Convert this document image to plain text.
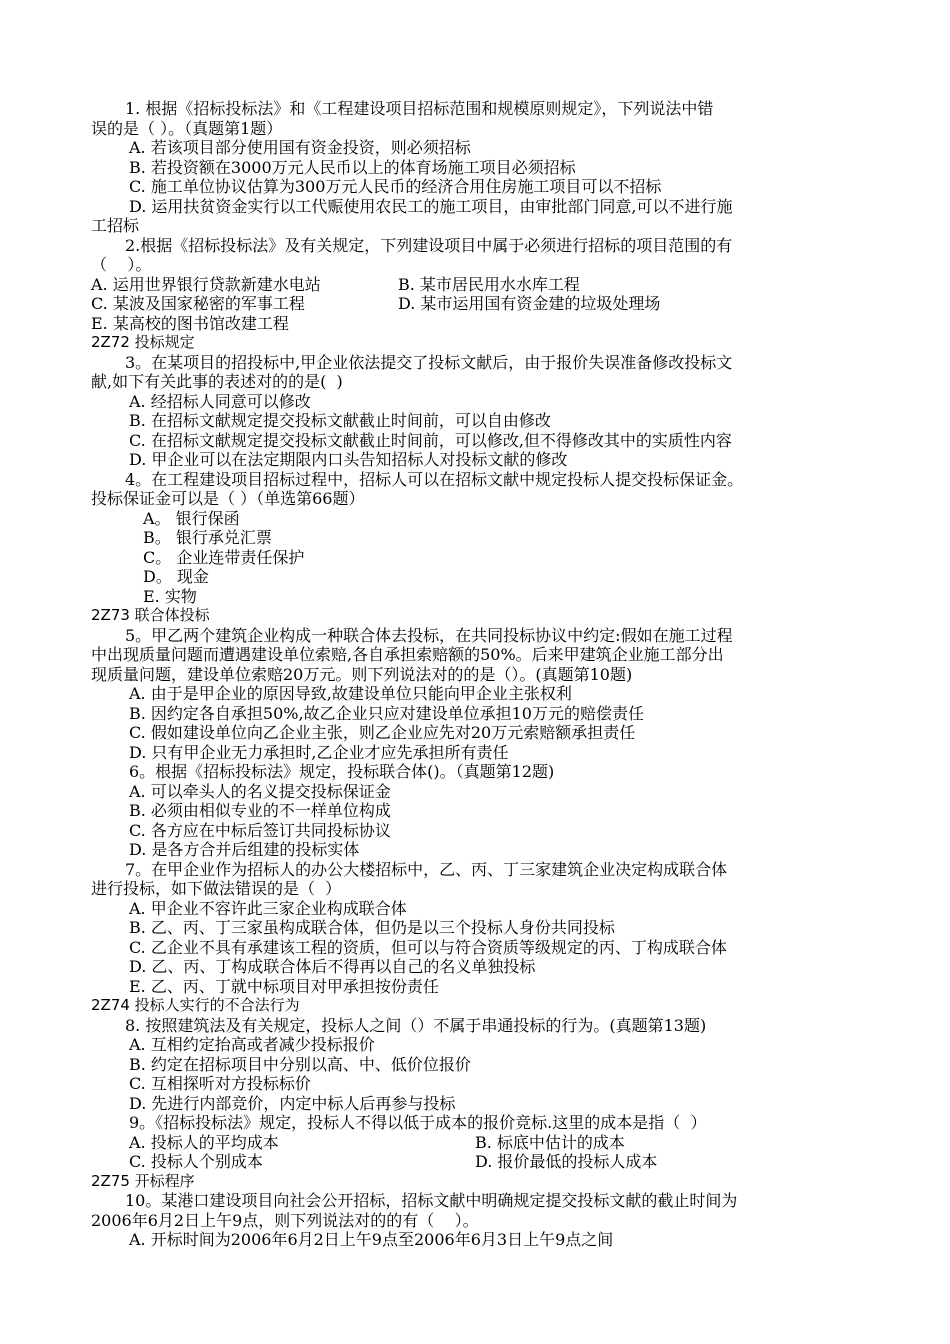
1. 根据《招标投标法》和《工程建设项目招标范围和规模原则规定》，下列说法中错
误的是（ ）。（真题第1题）
A. 若该项目部分使用国有资金投资，则必须招标
B. 若投资额在3000万元人民币以上的体育场施工项目必须招标
C. 施工单位协议估算为300万元人民币的经济合用住房施工项目可以不招标
D. 运用扶贫资金实行以工代赈使用农民工的施工项目，由审批部门同意,可以不进行施
工招标
2.根据《招标投标法》及有关规定，下列建设项目中属于必须进行招标的项目范围的有
（    ）。
A. 运用世界银行贷款新建水电站	B. 某市居民用水水库工程
C. 某波及国家秘密的军事工程	D. 某市运用国有资金建的垃圾处理场
E. 某高校的图书馆改建工程
2Z72 投标规定
3。在某项目的招投标中,甲企业依法提交了投标文献后，由于报价失误准备修改投标文
献,如下有关此事的表述对的的是(  )
A. 经招标人同意可以修改
B. 在招标文献规定提交投标文献截止时间前，可以自由修改
C. 在招标文献规定提交投标文献截止时间前，可以修改,但不得修改其中的实质性内容
D. 甲企业可以在法定期限内口头告知招标人对投标文献的修改
4。在工程建设项目招标过程中，招标人可以在招标文献中规定投标人提交投标保证金。
投标保证金可以是（ ）（单选第66题）
A。 银行保函
B。 银行承兑汇票
C。 企业连带责任保护
D。 现金
E. 实物
2Z73 联合体投标
5。甲乙两个建筑企业构成一种联合体去投标，在共同投标协议中约定:假如在施工过程
中出现质量问题而遭遇建设单位索赔,各自承担索赔额的50%。后来甲建筑企业施工部分出
现质量问题，建设单位索赔20万元。则下列说法对的的是（）。(真题第10题)
A. 由于是甲企业的原因导致,故建设单位只能向甲企业主张权利
B. 因约定各自承担50%,故乙企业只应对建设单位承担10万元的赔偿责任
C. 假如建设单位向乙企业主张，则乙企业应先对20万元索赔额承担责任
D. 只有甲企业无力承担时,乙企业才应先承担所有责任
6。根据《招标投标法》规定，投标联合体()。（真题第12题)
A. 可以牵头人的名义提交投标保证金
B. 必须由相似专业的不一样单位构成
C. 各方应在中标后签订共同投标协议
D. 是各方合并后组建的投标实体
7。在甲企业作为招标人的办公大楼招标中，乙、丙、丁三家建筑企业决定构成联合体
进行投标，如下做法错误的是（  ）
A. 甲企业不容许此三家企业构成联合体
B. 乙、丙、丁三家虽构成联合体，但仍是以三个投标人身份共同投标
C. 乙企业不具有承建该工程的资质，但可以与符合资质等级规定的丙、丁构成联合体
D. 乙、丙、丁构成联合体后不得再以自己的名义单独投标
E. 乙、丙、丁就中标项目对甲承担按份责任
2Z74 投标人实行的不合法行为
8. 按照建筑法及有关规定，投标人之间（）不属于串通投标的行为。(真题第13题)
A. 互相约定抬高或者减少投标报价
B. 约定在招标项目中分别以高、中、低价位报价
C. 互相探听对方投标标价
D. 先进行内部竞价，内定中标人后再参与投标
9。《招标投标法》规定，投标人不得以低于成本的报价竞标.这里的成本是指（  ）
A. 投标人的平均成本	B. 标底中估计的成本
C. 投标人个别成本	D. 报价最低的投标人成本
2Z75 开标程序
10。某港口建设项目向社会公开招标，招标文献中明确规定提交投标文献的截止时间为
2006年6月2日上午9点，则下列说法对的的有（    ）。
A. 开标时间为2006年6月2日上午9点至2006年6月3日上午9点之间
